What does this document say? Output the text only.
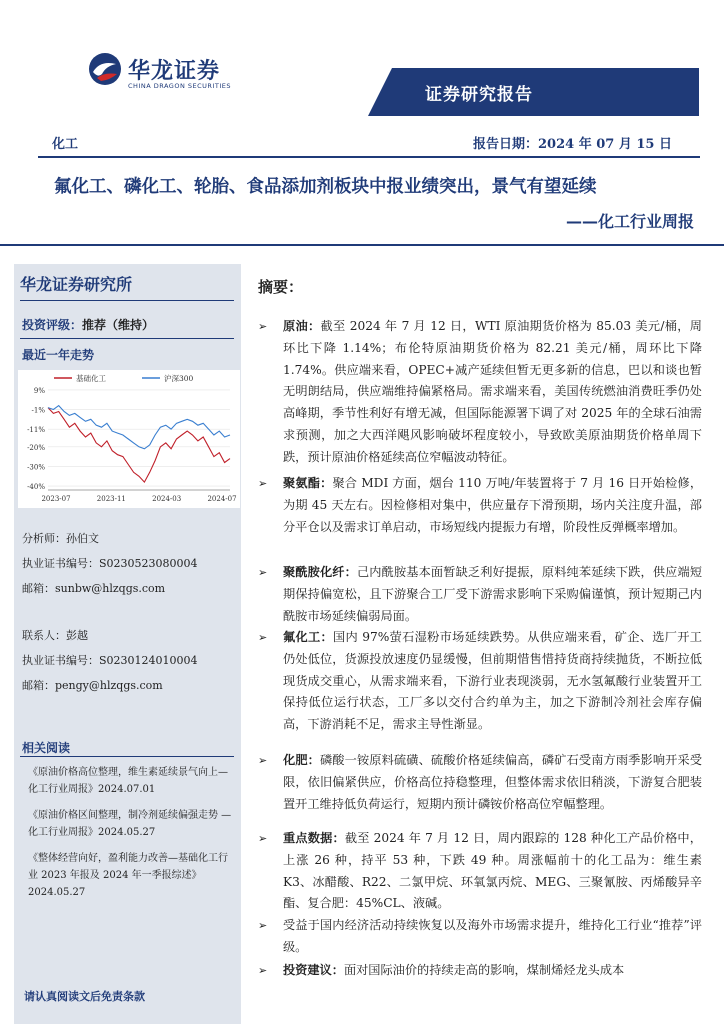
华龙证券
CHINA DRAGON SECURITIES	证券研究报告
化工	报告日期：2024 年 07 月 15 日
氟化工、磷化工、轮胎、食品添加剂板块中报业绩突出，景气有望延续
——化工行业周报
华龙证券研究所
投资评级：推荐（维持）
最近一年走势
9%
-1%
-11%
-20%
-30%
-40%
2023-07	2023-11	2024-03	2024-07
基础化工	沪深300
分析师：孙伯文
执业证书编号：S0230523080004
邮箱：sunbw@hlzqgs.com
联系人：彭越
执业证书编号：S0230124010004
邮箱：pengy@hlzqgs.com
相关阅读
《原油价格高位整理，维生素延续景气向上—化工行业周报》2024.07.01
《原油价格区间整理，制冷剂延续偏强走势 —化工行业周报》2024.05.27
《整体经营向好，盈利能力改善—基础化工行业 2023 年报及 2024 年一季报综述》2024.05.27
请认真阅读文后免责条款
摘要：
➢ 原油：截至 2024 年 7 月 12 日，WTI 原油期货价格为 85.03 美元/桶，周环比下降 1.14%；布伦特原油期货价格为 82.21 美元/桶，周环比下降 1.74%。供应端来看，OPEC+减产延续但暂无更多新的信息，巴以和谈也暂无明朗结局，供应端维持偏紧格局。需求端来看，美国传统燃油消费旺季仍处高峰期，季节性利好有增无减，但国际能源署下调了对 2025 年的全球石油需求预测，加之大西洋飓风影响破坏程度较小，导致欧美原油期货价格单周下跌，预计原油价格延续高位窄幅波动特征。
➢ 聚氨酯：聚合 MDI 方面，烟台 110 万吨/年装置将于 7 月 16 日开始检修，为期 45 天左右。因检修相对集中，供应量存下滑预期，场内关注度升温，部分平仓以及需求订单启动，市场短线内提振力有增，阶段性反弹概率增加。
➢ 聚酰胺化纤：己内酰胺基本面暂缺乏利好提振，原料纯苯延续下跌，供应端短期保持偏宽松，且下游聚合工厂受下游需求影响下采购偏谨慎，预计短期己内酰胺市场延续偏弱局面。
➢ 氟化工：国内 97%萤石湿粉市场延续跌势。从供应端来看，矿企、选厂开工仍处低位，货源投放速度仍显缓慢，但前期惜售惜持货商持续抛货，不断拉低现货成交重心，从需求端来看，下游行业表现淡弱，无水氢氟酸行业装置开工保持低位运行状态，工厂多以交付合约单为主，加之下游制冷剂社会库存偏高，下游消耗不足，需求主导性渐显。
➢ 化肥：磷酸一铵原料硫磺、硫酸价格延续偏高，磷矿石受南方雨季影响开采受限，依旧偏紧供应，价格高位持稳整理，但整体需求依旧稍淡，下游复合肥装置开工维持低负荷运行，短期内预计磷铵价格高位窄幅整理。
➢ 重点数据：截至 2024 年 7 月 12 日，周内跟踪的 128 种化工产品价格中，上涨 26 种，持平 53 种，下跌 49 种。周涨幅前十的化工品为：维生素 K3、冰醋酸、R22、二氯甲烷、环氧氯丙烷、MEG、三聚氰胺、丙烯酸异辛酯、复合肥：45%CL、液碱。
➢ 受益于国内经济活动持续恢复以及海外市场需求提升，维持化工行业“推荐”评级。
➢ 投资建议：面对国际油价的持续走高的影响，煤制烯烃龙头成本
